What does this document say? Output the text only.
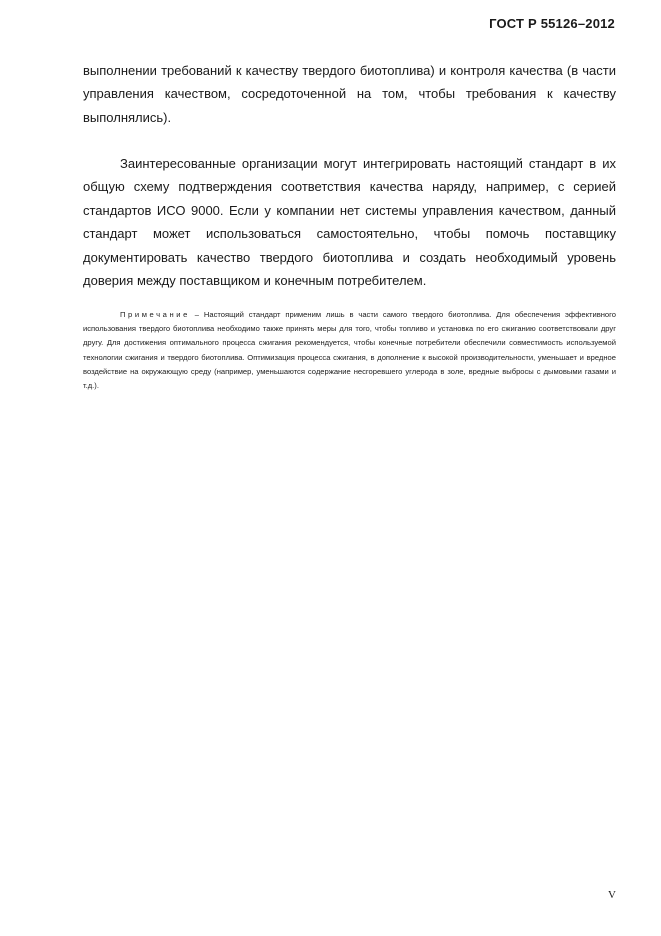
ГОСТ Р 55126–2012

выполнении требований к качеству твердого биотоплива) и контроля качества (в части управления качеством, сосредоточенной на том, чтобы требования к качеству выполнялись).

Заинтересованные организации могут интегрировать настоящий стандарт в их общую схему подтверждения соответствия качества наряду, например, с серией стандартов ИСО 9000. Если у компании нет системы управления качеством, данный стандарт может использоваться самостоятельно, чтобы помочь поставщику документировать качество твердого биотоплива и создать необходимый уровень доверия между поставщиком и конечным потребителем.

Примечание – Настоящий стандарт применим лишь в части самого твердого биотоплива. Для обеспечения эффективного использования твердого биотоплива необходимо также принять меры для того, чтобы топливо и установка по его сжиганию соответствовали друг другу. Для достижения оптимального процесса сжигания рекомендуется, чтобы конечные потребители обеспечили совместимость используемой технологии сжигания и твердого биотоплива. Оптимизация процесса сжигания, в дополнение к высокой производительности, уменьшает и вредное воздействие на окружающую среду (например, уменьшаются содержание несгоревшего углерода в золе, вредные выбросы с дымовыми газами и т.д.).

V
